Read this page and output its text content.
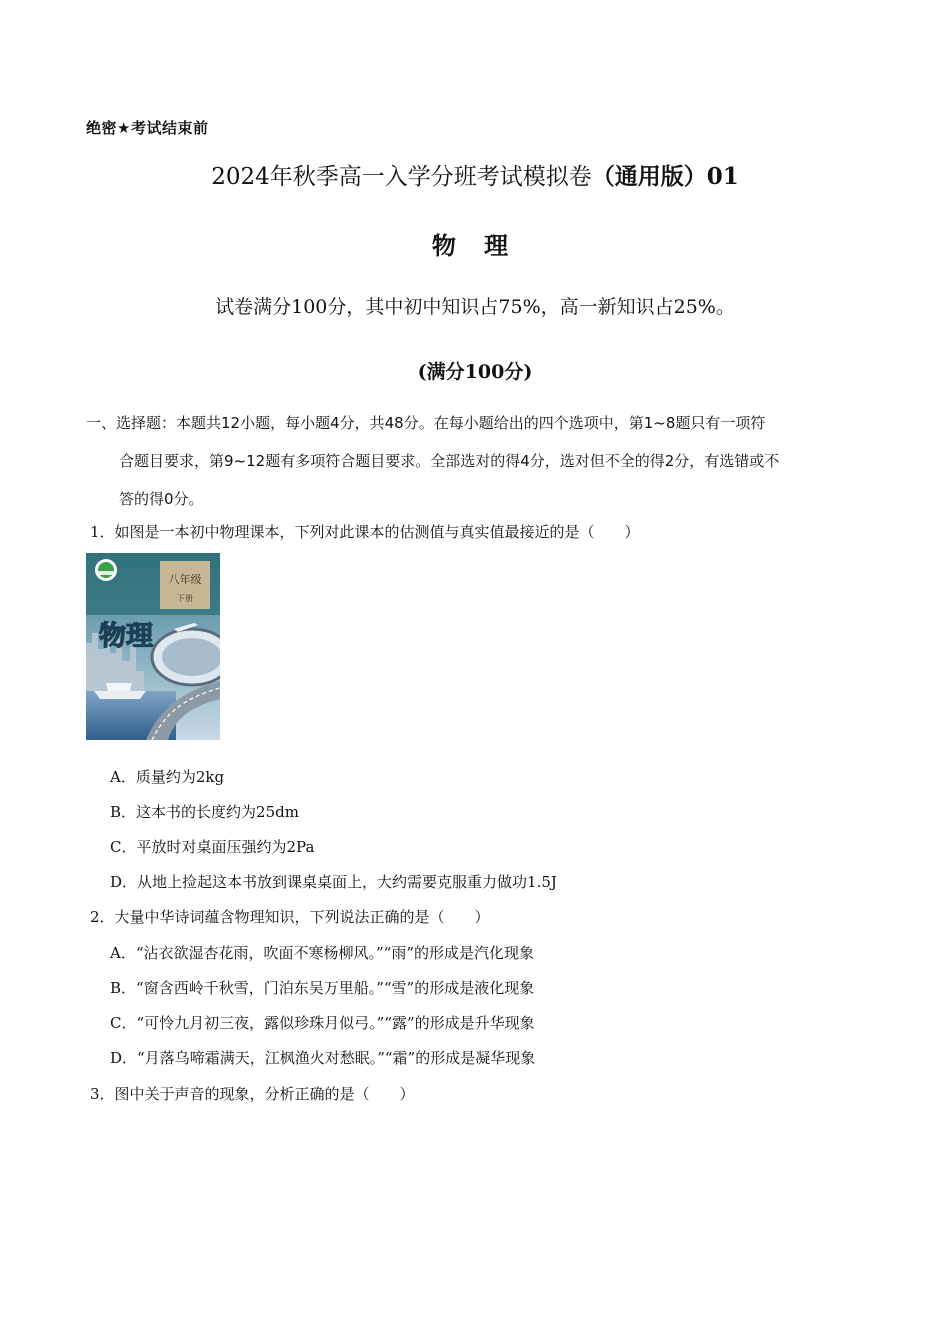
绝密★考试结束前
2024年秋季高一入学分班考试模拟卷（通用版）01
物 理
试卷满分100分，其中初中知识占75%，高一新知识占25%。
(满分100分)
一、选择题：本题共12小题，每小题4分，共48分。在每小题给出的四个选项中，第1~8题只有一项符
合题目要求，第9~12题有多项符合题目要求。全部选对的得4分，选对但不全的得2分，有选错或不
答的得0分。
1．如图是一本初中物理课本，下列对此课本的估测值与真实值最接近的是（　　）
八年级
下册
物理
A．质量约为2kg
B．这本书的长度约为25dm
C．平放时对桌面压强约为2Pa
D．从地上捡起这本书放到课桌桌面上，大约需要克服重力做功1.5J
2．大量中华诗词蕴含物理知识，下列说法正确的是（　　）
A．“沾衣欲湿杏花雨，吹面不寒杨柳风。”“雨”的形成是汽化现象
B．“窗含西岭千秋雪，门泊东吴万里船。”“雪”的形成是液化现象
C．“可怜九月初三夜，露似珍珠月似弓。”“露”的形成是升华现象
D．“月落乌啼霜满天，江枫渔火对愁眠。”“霜”的形成是凝华现象
3．图中关于声音的现象，分析正确的是（　　）
